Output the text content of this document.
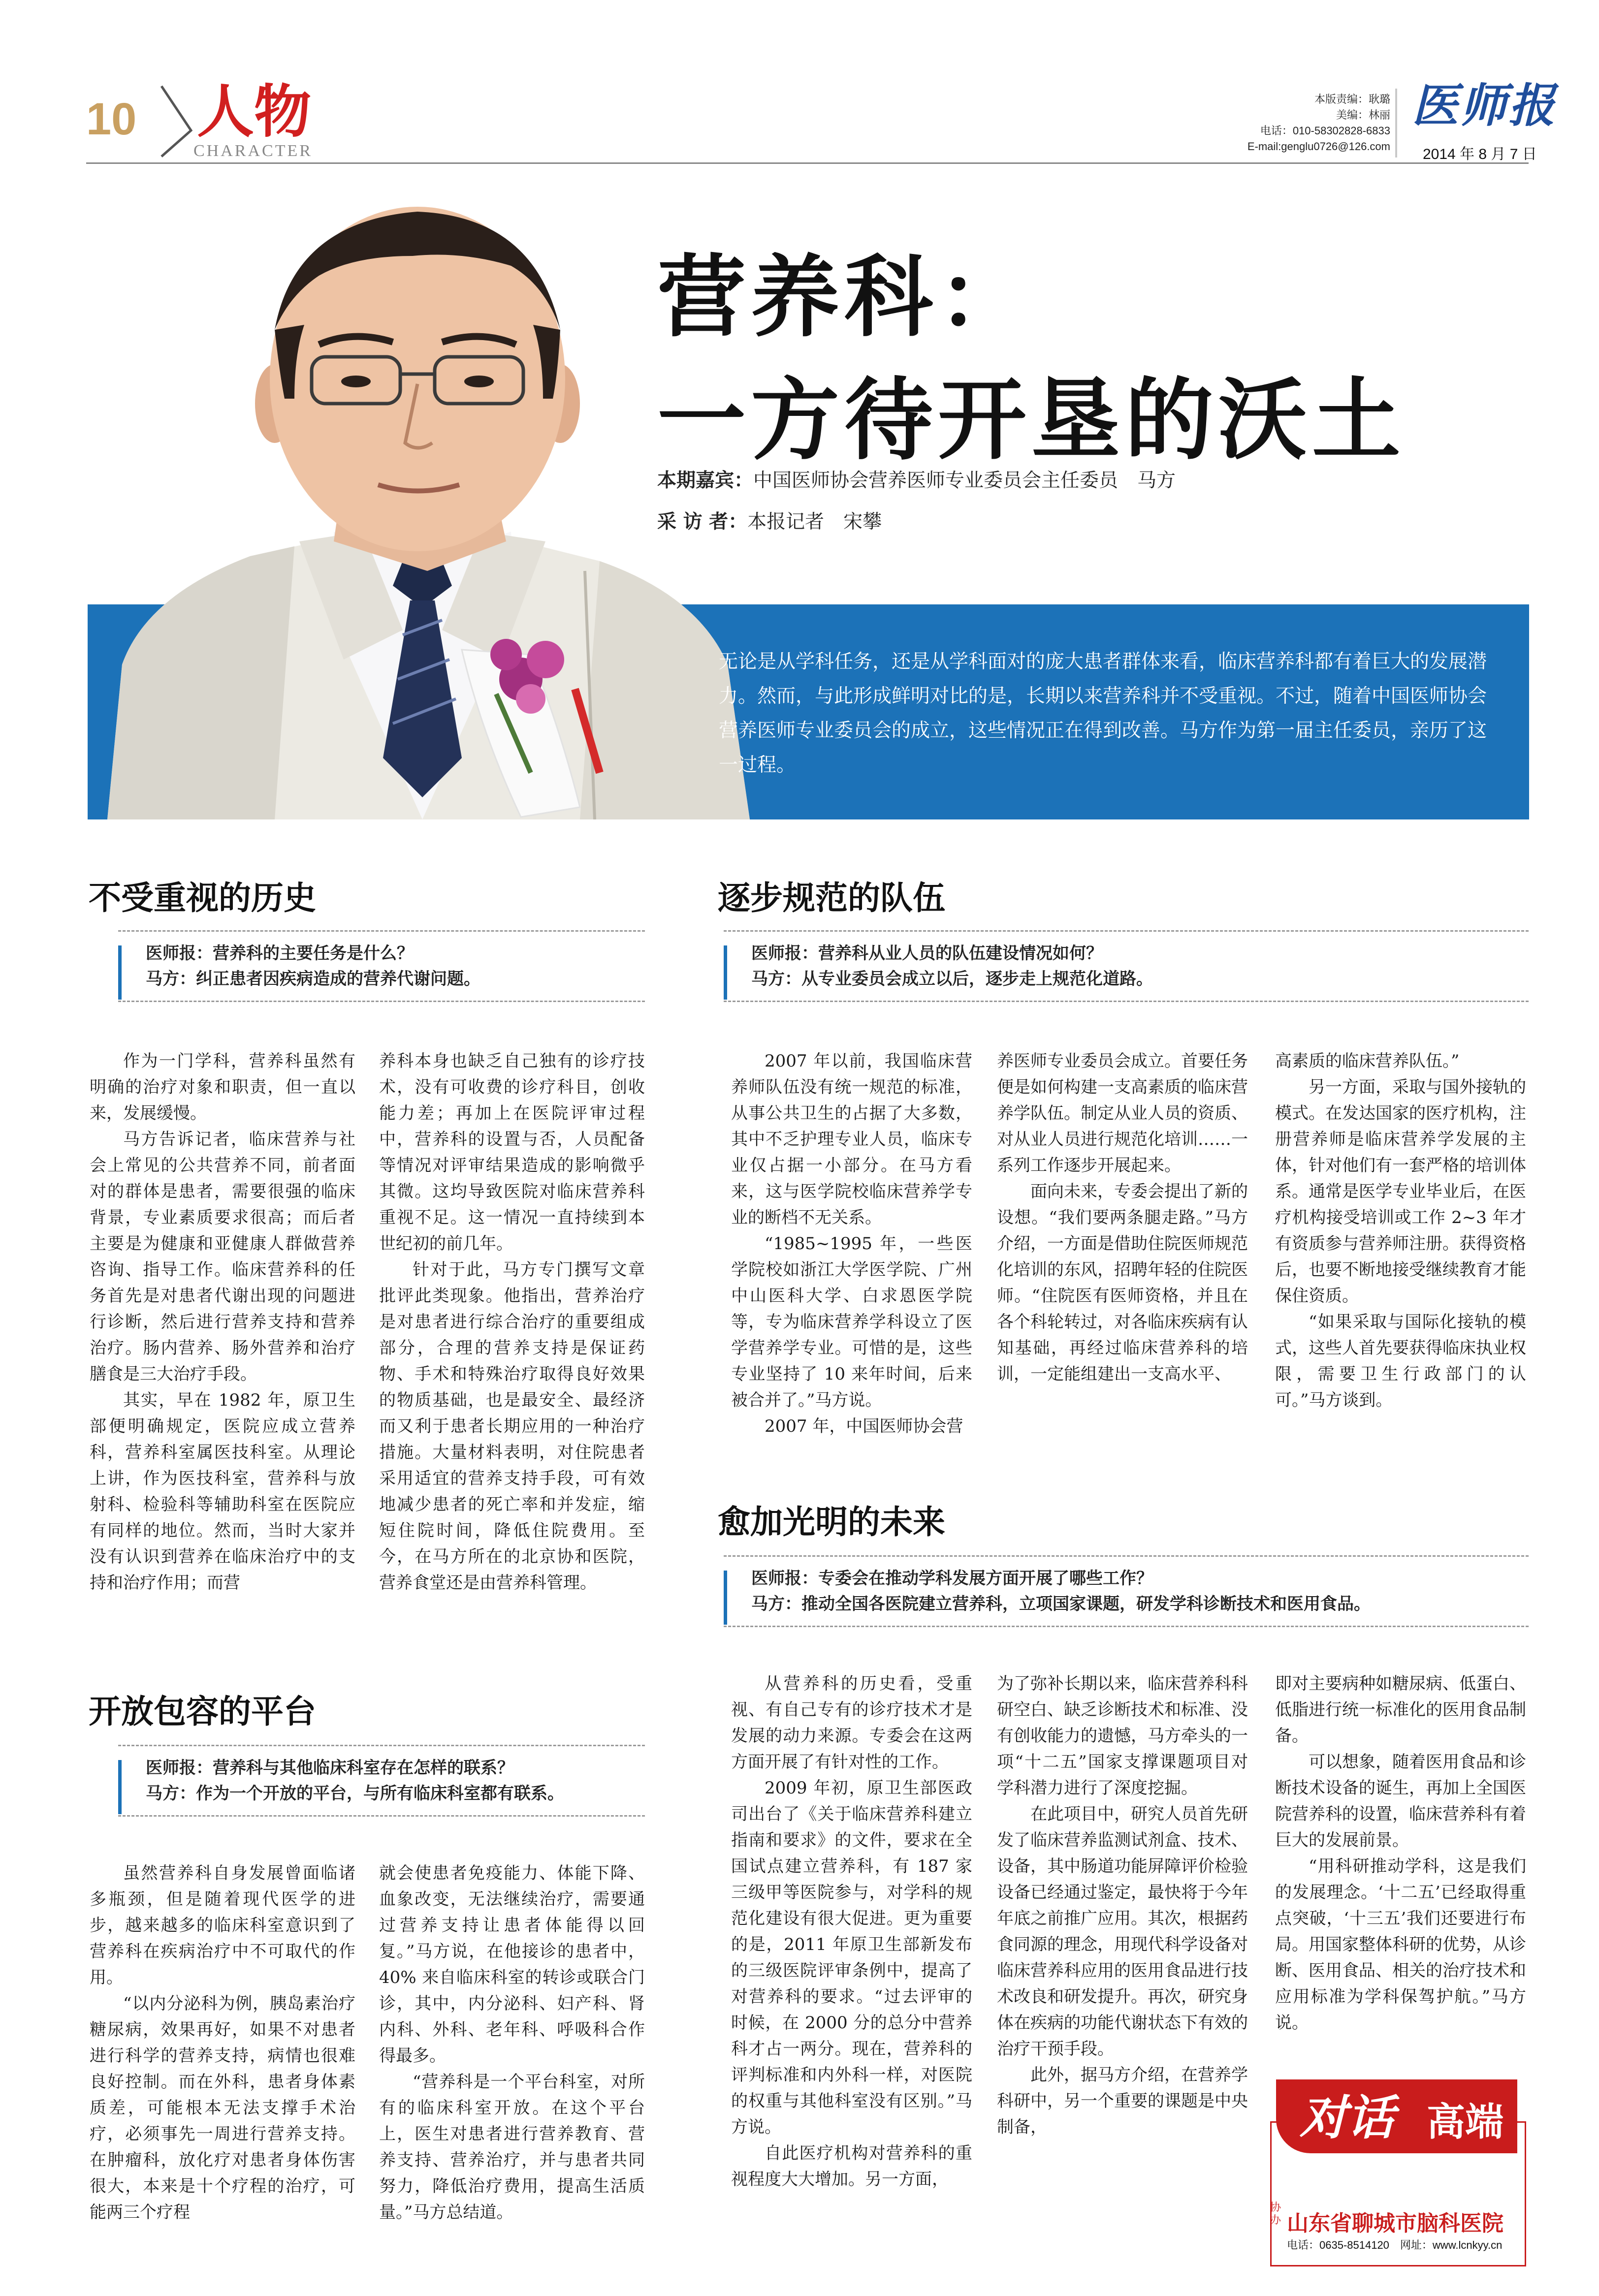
10 人物
CHARACTER
本版责编：耿璐
美编：林丽
电话：010-58302828-6833
E-mail:genglu0726@126.com
医师报
2014 年 8 月 7 日
营养科：
一方待开垦的沃土
本期嘉宾：中国医师协会营养医师专业委员会主任委员　马方
采 访 者：本报记者　宋攀
无论是从学科任务，还是从学科面对的庞大患者群体来看，临床营养科都有着巨大的发展潜力。然而，与此形成鲜明对比的是，长期以来营养科并不受重视。不过，随着中国医师协会营养医师专业委员会的成立，这些情况正在得到改善。马方作为第一届主任委员，亲历了这一过程。
不受重视的历史
医师报：营养科的主要任务是什么？
马方：纠正患者因疾病造成的营养代谢问题。

作为一门学科，营养科虽然有明确的治疗对象和职责，但一直以来，发展缓慢。

马方告诉记者，临床营养与社会上常见的公共营养不同，前者面对的群体是患者，需要很强的临床背景，专业素质要求很高；而后者主要是为健康和亚健康人群做营养咨询、指导工作。临床营养科的任务首先是对患者代谢出现的问题进行诊断，然后进行营养支持和营养治疗。肠内营养、肠外营养和治疗膳食是三大治疗手段。

其实，早在 1982 年，原卫生部便明确规定，医院应成立营养科，营养科室属医技科室。从理论上讲，作为医技科室，营养科与放射科、检验科等辅助科室在医院应有同样的地位。然而，当时大家并没有认识到营养在临床治疗中的支持和治疗作用；而营

养科本身也缺乏自己独有的诊疗技术，没有可收费的诊疗科目，创收能力差；再加上在医院评审过程中，营养科的设置与否，人员配备等情况对评审结果造成的影响微乎其微。这均导致医院对临床营养科重视不足。这一情况一直持续到本世纪初的前几年。

针对于此，马方专门撰写文章批评此类现象。他指出，营养治疗是对患者进行综合治疗的重要组成部分，合理的营养支持是保证药物、手术和特殊治疗取得良好效果的物质基础，也是最安全、最经济而又利于患者长期应用的一种治疗措施。大量材料表明，对住院患者采用适宜的营养支持手段，可有效地减少患者的死亡率和并发症，缩短住院时间，降低住院费用。至今，在马方所在的北京协和医院，营养食堂还是由营养科管理。

逐步规范的队伍
医师报：营养科从业人员的队伍建设情况如何？
马方：从专业委员会成立以后，逐步走上规范化道路。

2007 年以前，我国临床营养师队伍没有统一规范的标准，从事公共卫生的占据了大多数，其中不乏护理专业人员，临床专业仅占据一小部分。在马方看来，这与医学院校临床营养学专业的断档不无关系。

“1985~1995 年，一些医学院校如浙江大学医学院、广州中山医科大学、白求恩医学院等，专为临床营养学科设立了医学营养学专业。可惜的是，这些专业坚持了 10 来年时间，后来被合并了。”马方说。

2007 年，中国医师协会营

养医师专业委员会成立。首要任务便是如何构建一支高素质的临床营养学队伍。制定从业人员的资质、对从业人员进行规范化培训……一系列工作逐步开展起来。

面向未来，专委会提出了新的设想。“我们要两条腿走路。”马方介绍，一方面是借助住院医师规范化培训的东风，招聘年轻的住院医师。“住院医有医师资格，并且在各个科轮转过，对各临床疾病有认知基础，再经过临床营养科的培训，一定能组建出一支高水平、

高素质的临床营养队伍。”

另一方面，采取与国外接轨的模式。在发达国家的医疗机构，注册营养师是临床营养学发展的主体，针对他们有一套严格的培训体系。通常是医学专业毕业后，在医疗机构接受培训或工作 2~3 年才有资质参与营养师注册。获得资格后，也要不断地接受继续教育才能保住资质。

“如果采取与国际化接轨的模式，这些人首先要获得临床执业权限，需要卫生行政部门的认可。”马方谈到。

愈加光明的未来
医师报：专委会在推动学科发展方面开展了哪些工作？
马方：推动全国各医院建立营养科，立项国家课题，研发学科诊断技术和医用食品。

从营养科的历史看，受重视、有自己专有的诊疗技术才是发展的动力来源。专委会在这两方面开展了有针对性的工作。

2009 年初，原卫生部医政司出台了《关于临床营养科建立指南和要求》的文件，要求在全国试点建立营养科，有 187 家三级甲等医院参与，对学科的规范化建设有很大促进。更为重要的是，2011 年原卫生部新发布的三级医院评审条例中，提高了对营养科的要求。“过去评审的时候，在 2000 分的总分中营养科才占一两分。现在，营养科的评判标准和内外科一样，对医院的权重与其他科室没有区别。”马方说。

自此医疗机构对营养科的重视程度大大增加。另一方面，

为了弥补长期以来，临床营养科科研空白、缺乏诊断技术和标准、没有创收能力的遗憾，马方牵头的一项“十二五”国家支撑课题项目对学科潜力进行了深度挖掘。

在此项目中，研究人员首先研发了临床营养监测试剂盒、技术、设备，其中肠道功能屏障评价检验设备已经通过鉴定，最快将于今年年底之前推广应用。其次，根据药食同源的理念，用现代科学设备对临床营养科应用的医用食品进行技术改良和研发提升。再次，研究身体在疾病的功能代谢状态下有效的治疗干预手段。

此外，据马方介绍，在营养学科研中，另一个重要的课题是中央制备，

即对主要病种如糖尿病、低蛋白、低脂进行统一标准化的医用食品制备。

可以想象，随着医用食品和诊断技术设备的诞生，再加上全国医院营养科的设置，临床营养科有着巨大的发展前景。

“用科研推动学科，这是我们的发展理念。‘十二五’已经取得重点突破，‘十三五’我们还要进行布局。用国家整体科研的优势，从诊断、医用食品、相关的治疗技术和应用标准为学科保驾护航。”马方说。

开放包容的平台
医师报：营养科与其他临床科室存在怎样的联系？
马方：作为一个开放的平台，与所有临床科室都有联系。

虽然营养科自身发展曾面临诸多瓶颈，但是随着现代医学的进步，越来越多的临床科室意识到了营养科在疾病治疗中不可取代的作用。

“以内分泌科为例，胰岛素治疗糖尿病，效果再好，如果不对患者进行科学的营养支持，病情也很难良好控制。而在外科，患者身体素质差，可能根本无法支撑手术治疗，必须事先一周进行营养支持。在肿瘤科，放化疗对患者身体伤害很大，本来是十个疗程的治疗，可能两三个疗程

就会使患者免疫能力、体能下降、血象改变，无法继续治疗，需要通过营养支持让患者体能得以回复。”马方说，在他接诊的患者中，40% 来自临床科室的转诊或联合门诊，其中，内分泌科、妇产科、肾内科、外科、老年科、呼吸科合作得最多。

“营养科是一个平台科室，对所有的临床科室开放。在这个平台上，医生对患者进行营养教育、营养支持、营养治疗，并与患者共同努力，降低治疗费用，提高生活质量。”马方总结道。

对话 高端
协办 山东省聊城市脑科医院
电话：0635-8514120　网址：www.lcnkyy.cn
